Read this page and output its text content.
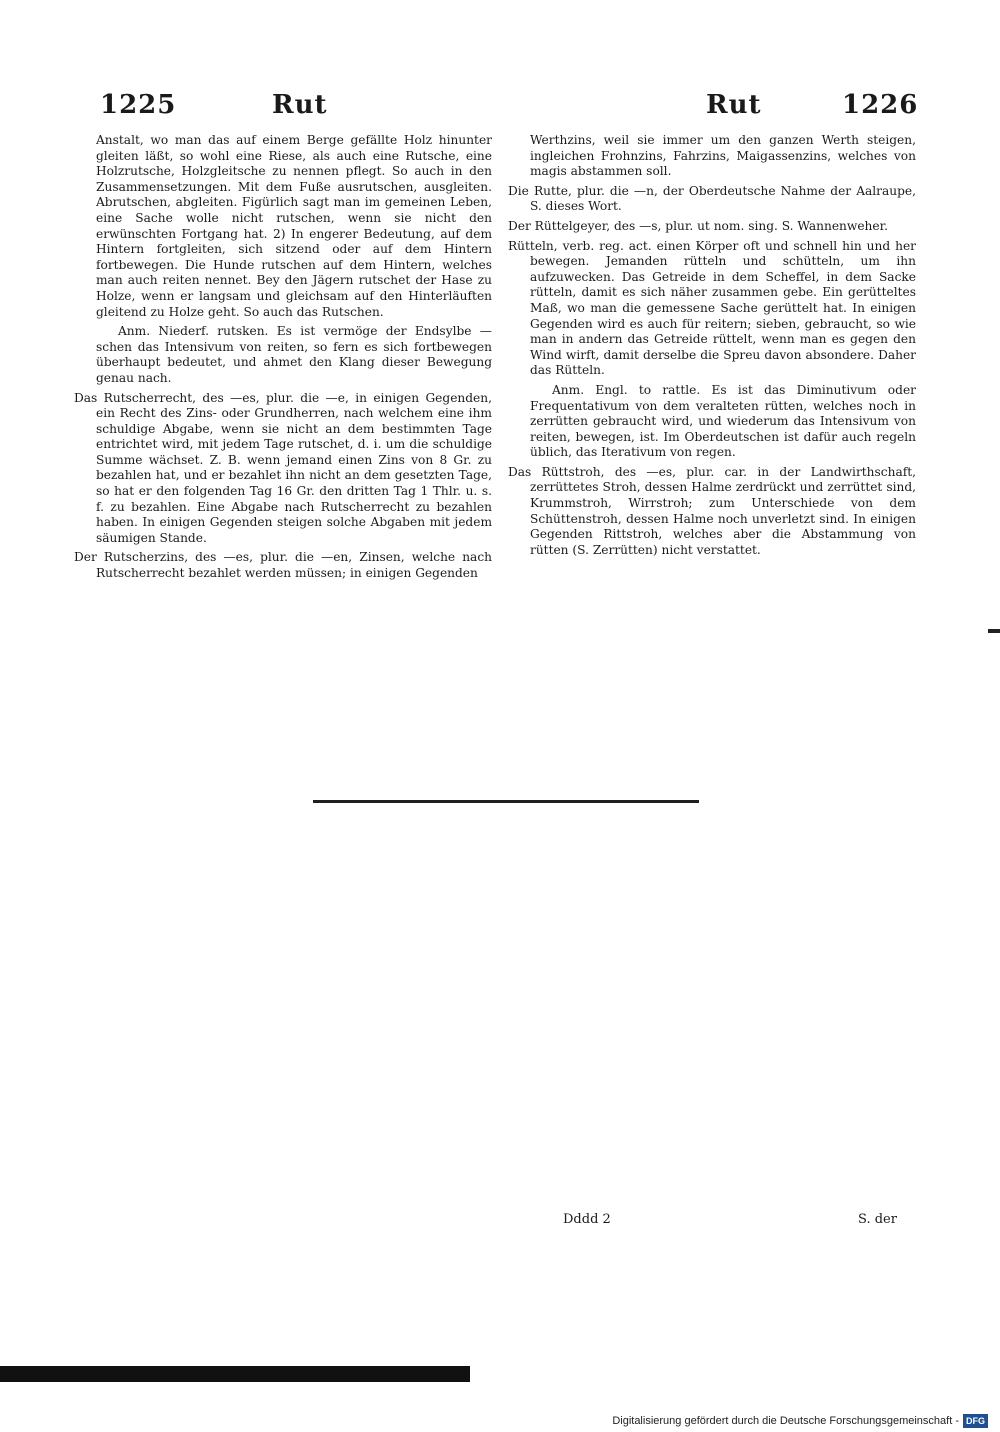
1225	Rut	Rut	1226

Anstalt, wo man das auf einem Berge gefällte Holz hinunter gleiten läßt, so wohl eine Riese, als auch eine Rutsche, eine Holzrutsche, Holzgleitsche zu nennen pflegt. So auch in den Zusammensetzungen. Mit dem Fuße ausrutschen, ausgleiten. Abrutschen, abgleiten. Figürlich sagt man im gemeinen Leben, eine Sache wolle nicht rutschen, wenn sie nicht den erwünschten Fortgang hat. 2) In engerer Bedeutung, auf dem Hintern fortgleiten, sich sitzend oder auf dem Hintern fortbewegen. Die Hunde rutschen auf dem Hintern, welches man auch reiten nennet. Bey den Jägern rutschet der Hase zu Holze, wenn er langsam und gleichsam auf den Hinterläuften gleitend zu Holze geht. So auch das Rutschen.

Anm. Niederf. rutsken. Es ist vermöge der Endsylbe —schen das Intensivum von reiten, so fern es sich fortbewegen überhaupt bedeutet, und ahmet den Klang dieser Bewegung genau nach.

Das Rutscherrecht, des —es, plur. die —e, in einigen Gegenden, ein Recht des Zins- oder Grundherren, nach welchem eine ihm schuldige Abgabe, wenn sie nicht an dem bestimmten Tage entrichtet wird, mit jedem Tage rutschet, d. i. um die schuldige Summe wächset. Z. B. wenn jemand einen Zins von 8 Gr. zu bezahlen hat, und er bezahlet ihn nicht an dem gesetzten Tage, so hat er den folgenden Tag 16 Gr. den dritten Tag 1 Thlr. u. s. f. zu bezahlen. Eine Abgabe nach Rutscherrecht zu bezahlen haben. In einigen Gegenden steigen solche Abgaben mit jedem säumigen Stande.

Der Rutscherzins, des —es, plur. die —en, Zinsen, welche nach Rutscherrecht bezahlet werden müssen; in einigen Gegenden

Werthzins, weil sie immer um den ganzen Werth steigen, ingleichen Frohnzins, Fahrzins, Maigassenzins, welches von magis abstammen soll.

Die Rutte, plur. die —n, der Oberdeutsche Nahme der Aalraupe, S. dieses Wort.

Der Rüttelgeyer, des —s, plur. ut nom. sing. S. Wannenweher.

Rütteln, verb. reg. act. einen Körper oft und schnell hin und her bewegen. Jemanden rütteln und schütteln, um ihn aufzuwecken. Das Getreide in dem Scheffel, in dem Sacke rütteln, damit es sich näher zusammen gebe. Ein gerütteltes Maß, wo man die gemessene Sache gerüttelt hat. In einigen Gegenden wird es auch für reitern; sieben, gebraucht, so wie man in andern das Getreide rüttelt, wenn man es gegen den Wind wirft, damit derselbe die Spreu davon absondere. Daher das Rütteln.

Anm. Engl. to rattle. Es ist das Diminutivum oder Frequentativum von dem veralteten rütten, welches noch in zerrütten gebraucht wird, und wiederum das Intensivum von reiten, bewegen, ist. Im Oberdeutschen ist dafür auch regeln üblich, das Iterativum von regen.

Das Rüttstroh, des —es, plur. car. in der Landwirthschaft, zerrüttetes Stroh, dessen Halme zerdrückt und zerrüttet sind, Krummstroh, Wirrstroh; zum Unterschiede von dem Schüttenstroh, dessen Halme noch unverletzt sind. In einigen Gegenden Rittstroh, welches aber die Abstammung von rütten (S. Zerrütten) nicht verstattet.

Dddd 2	S. der
Digitalisierung gefördert durch die Deutsche Forschungsgemeinschaft - DFG
